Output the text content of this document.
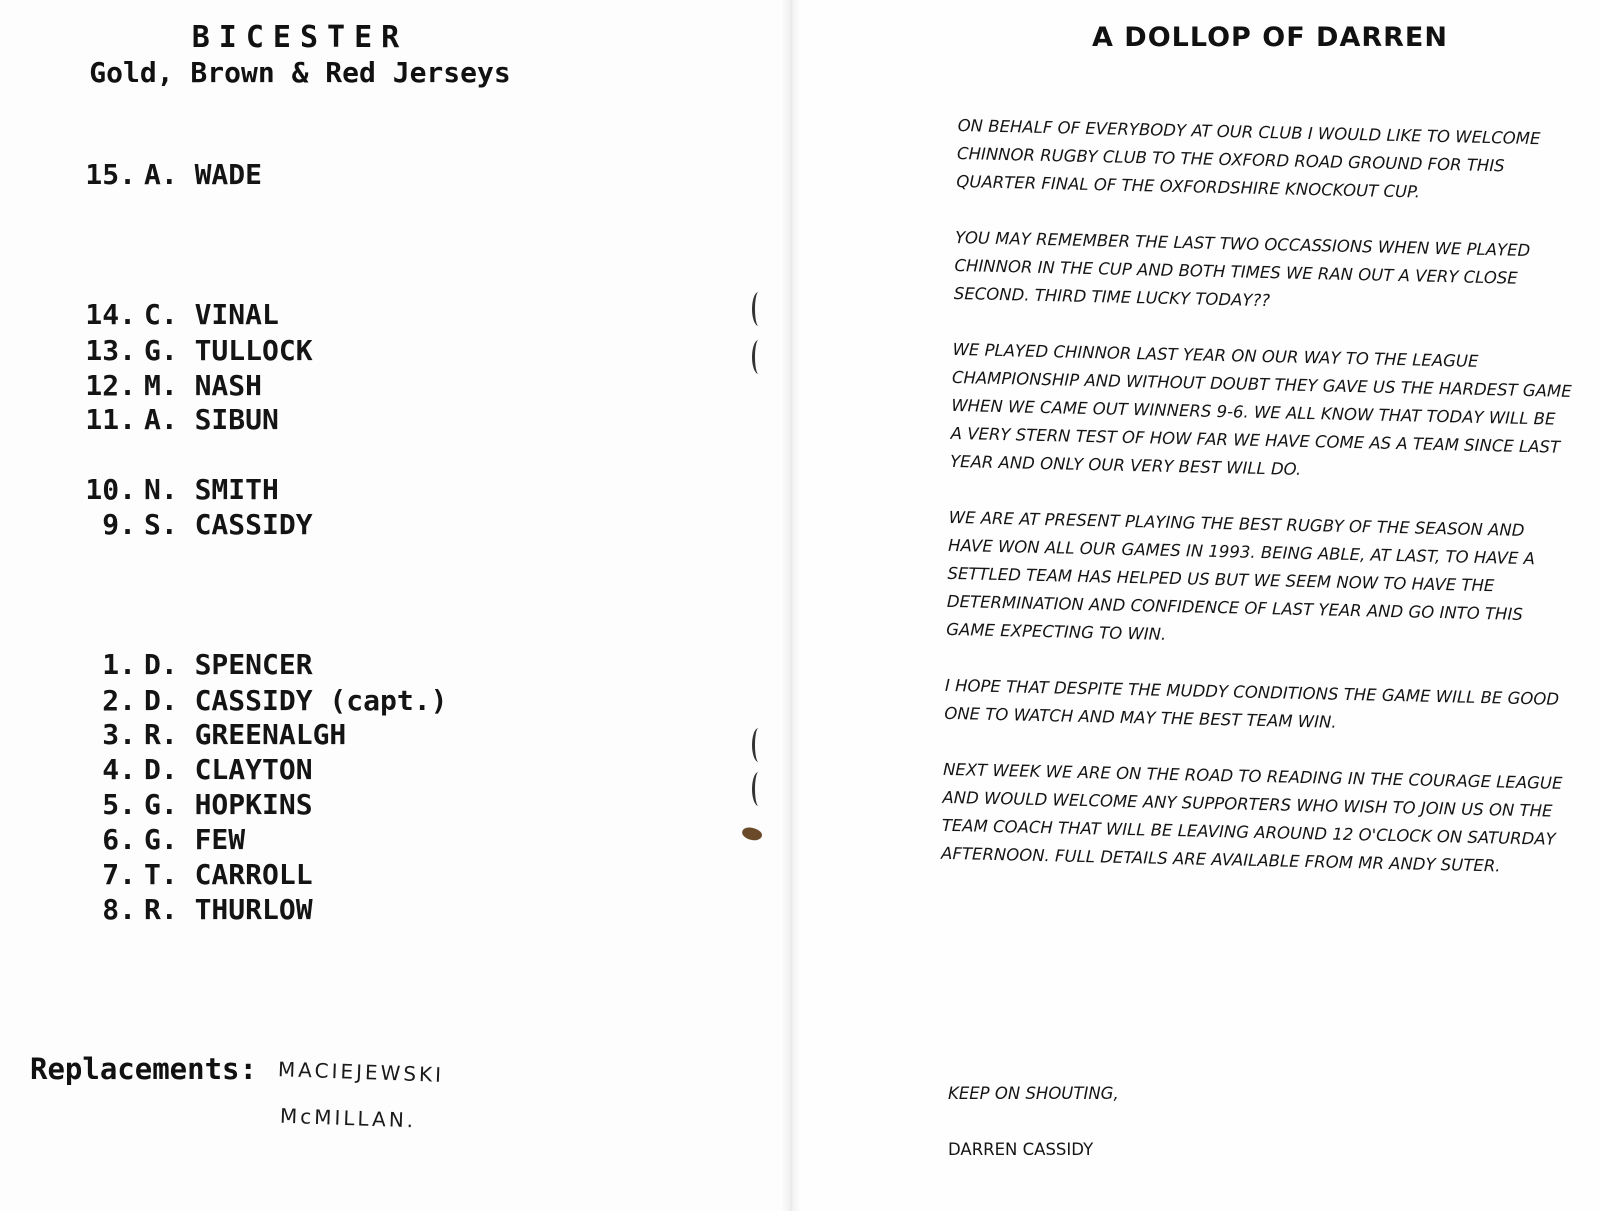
BICESTER
Gold, Brown & Red Jerseys
15. A. WADE
14. C. VINAL
13. G. TULLOCK
12. M. NASH
11. A. SIBUN
10. N. SMITH
9. S. CASSIDY
1. D. SPENCER
2. D. CASSIDY (capt.)
3. R. GREENALGH
4. D. CLAYTON
5. G. HOPKINS
6. G. FEW
7. T. CARROLL
8. R. THURLOW
Replacements: MACIEJEWSKI
McMILLAN.
A DOLLOP OF DARREN

ON BEHALF OF EVERYBODY AT OUR CLUB I WOULD LIKE TO WELCOME CHINNOR RUGBY CLUB TO THE OXFORD ROAD GROUND FOR THIS QUARTER FINAL OF THE OXFORDSHIRE KNOCKOUT CUP.

YOU MAY REMEMBER THE LAST TWO OCCASSIONS WHEN WE PLAYED CHINNOR IN THE CUP AND BOTH TIMES WE RAN OUT A VERY CLOSE SECOND. THIRD TIME LUCKY TODAY??

WE PLAYED CHINNOR LAST YEAR ON OUR WAY TO THE LEAGUE CHAMPIONSHIP AND WITHOUT DOUBT THEY GAVE US THE HARDEST GAME WHEN WE CAME OUT WINNERS 9-6. WE ALL KNOW THAT TODAY WILL BE A VERY STERN TEST OF HOW FAR WE HAVE COME AS A TEAM SINCE LAST YEAR AND ONLY OUR VERY BEST WILL DO.

WE ARE AT PRESENT PLAYING THE BEST RUGBY OF THE SEASON AND HAVE WON ALL OUR GAMES IN 1993. BEING ABLE, AT LAST, TO HAVE A SETTLED TEAM HAS HELPED US BUT WE SEEM NOW TO HAVE THE DETERMINATION AND CONFIDENCE OF LAST YEAR AND GO INTO THIS GAME EXPECTING TO WIN.

I HOPE THAT DESPITE THE MUDDY CONDITIONS THE GAME WILL BE GOOD ONE TO WATCH AND MAY THE BEST TEAM WIN.

NEXT WEEK WE ARE ON THE ROAD TO READING IN THE COURAGE LEAGUE AND WOULD WELCOME ANY SUPPORTERS WHO WISH TO JOIN US ON THE TEAM COACH THAT WILL BE LEAVING AROUND 12 O'CLOCK ON SATURDAY AFTERNOON. FULL DETAILS ARE AVAILABLE FROM MR ANDY SUTER.

KEEP ON SHOUTING,
DARREN CASSIDY
